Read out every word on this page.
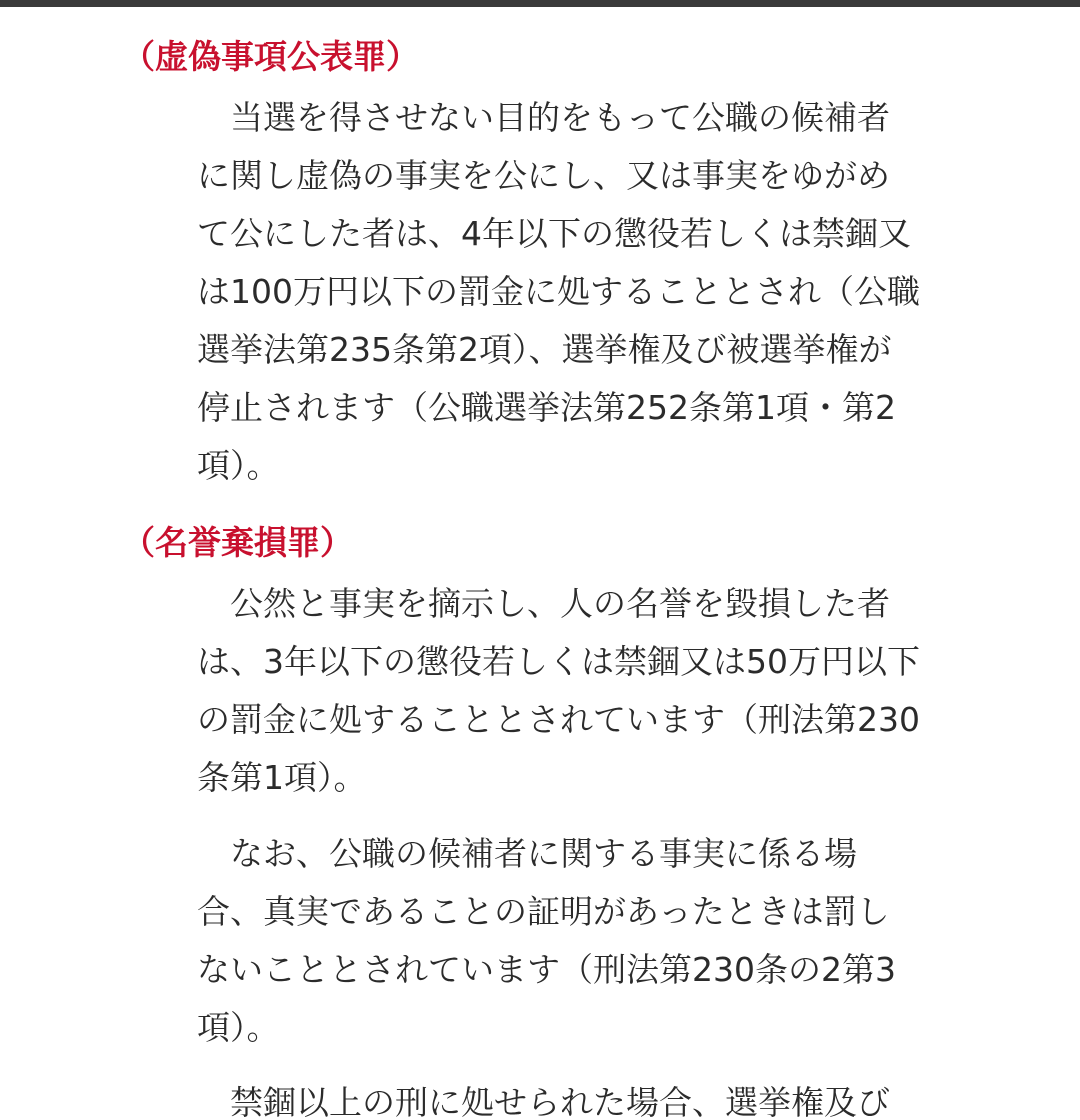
（虚偽事項公表罪）

　当選を得させない目的をもって公職の候補者

に関し虚偽の事実を公にし、又は事実をゆがめ

て公にした者は、4年以下の懲役若しくは禁錮又

は100万円以下の罰金に処することとされ（公職

選挙法第235条第2項）、選挙権及び被選挙権が

停止されます（公職選挙法第252条第1項・第2

項）。

（名誉棄損罪）

　公然と事実を摘示し、人の名誉を毀損した者

は、3年以下の懲役若しくは禁錮又は50万円以下

の罰金に処することとされています（刑法第230

条第1項）。

　なお、公職の候補者に関する事実に係る場

合、真実であることの証明があったときは罰し

ないこととされています（刑法第230条の2第3

項）。

　禁錮以上の刑に処せられた場合、選挙権及び
